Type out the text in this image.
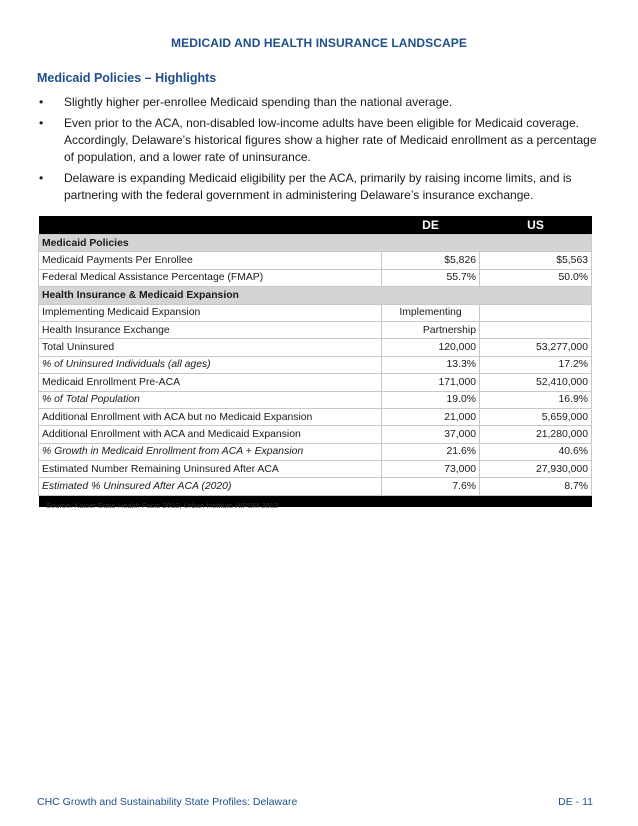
MEDICAID AND HEALTH INSURANCE LANDSCAPE
Medicaid Policies – Highlights
• Slightly higher per-enrollee Medicaid spending than the national average.
• Even prior to the ACA, non-disabled low-income adults have been eligible for Medicaid coverage. Accordingly, Delaware’s historical figures show a higher rate of Medicaid enrollment as a percentage of population, and a lower rate of uninsurance.
• Delaware is expanding Medicaid eligibility per the ACA, primarily by raising income limits, and is partnering with the federal government in administering Delaware’s insurance exchange.
	DE	US
Medicaid Policies		
Medicaid Payments Per Enrollee	$5,826	$5,563
Federal Medical Assistance Percentage (FMAP)	55.7%	50.0%
Health Insurance & Medicaid Expansion		
Implementing Medicaid Expansion	Implementing	
Health Insurance Exchange	Partnership	
Total Uninsured	120,000	53,277,000
% of Uninsured Individuals (all ages)	13.3%	17.2%
Medicaid Enrollment Pre-ACA	171,000	52,410,000
% of Total Population	19.0%	16.9%
Additional Enrollment with ACA but no Medicaid Expansion	21,000	5,659,000
Additional Enrollment with ACA and Medicaid Expansion	37,000	21,280,000
% Growth in Medicaid Enrollment from ACA + Expansion	21.6%	40.6%
Estimated Number Remaining Uninsured After ACA	73,000	27,930,000
Estimated % Uninsured After ACA (2020)	7.6%	8.7%

Source: Kaiser State Health Facts 2012, Urban Institute HIPSM 2012
CHC Growth and Sustainability State Profiles: Delaware	DE - 11
